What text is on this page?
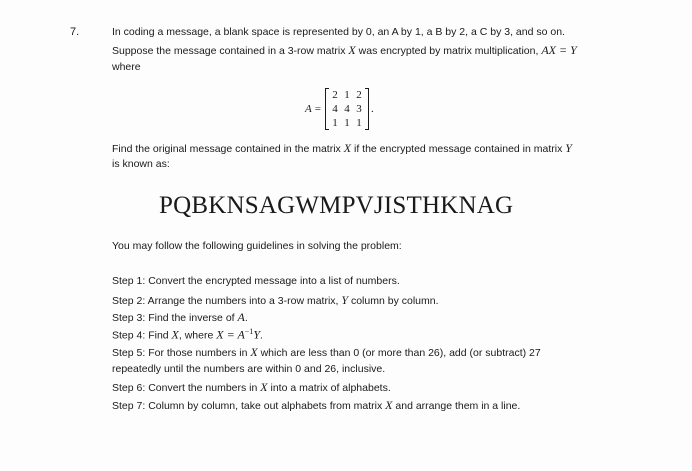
7.	In coding a message, a blank space is represented by 0, an A by 1, a B by 2, a C by 3, and so on.
Suppose the message contained in a 3-row matrix X was encrypted by matrix multiplication, AX = Y
where
A =
2 1 2
4 4 3
1 1 1
.
Find the original message contained in the matrix X if the encrypted message contained in matrix Y
is known as:
PQBKNSAGWMPVJISTHKNAG
You may follow the following guidelines in solving the problem:
Step 1: Convert the encrypted message into a list of numbers.
Step 2: Arrange the numbers into a 3-row matrix, Y column by column.
Step 3: Find the inverse of A.
Step 4: Find X, where $X = A^{-1}Y$.
Step 5: For those numbers in X which are less than 0 (or more than 26), add (or subtract) 27
repeatedly until the numbers are within 0 and 26, inclusive.
Step 6: Convert the numbers in X into a matrix of alphabets.
Step 7: Column by column, take out alphabets from matrix X and arrange them in a line.
